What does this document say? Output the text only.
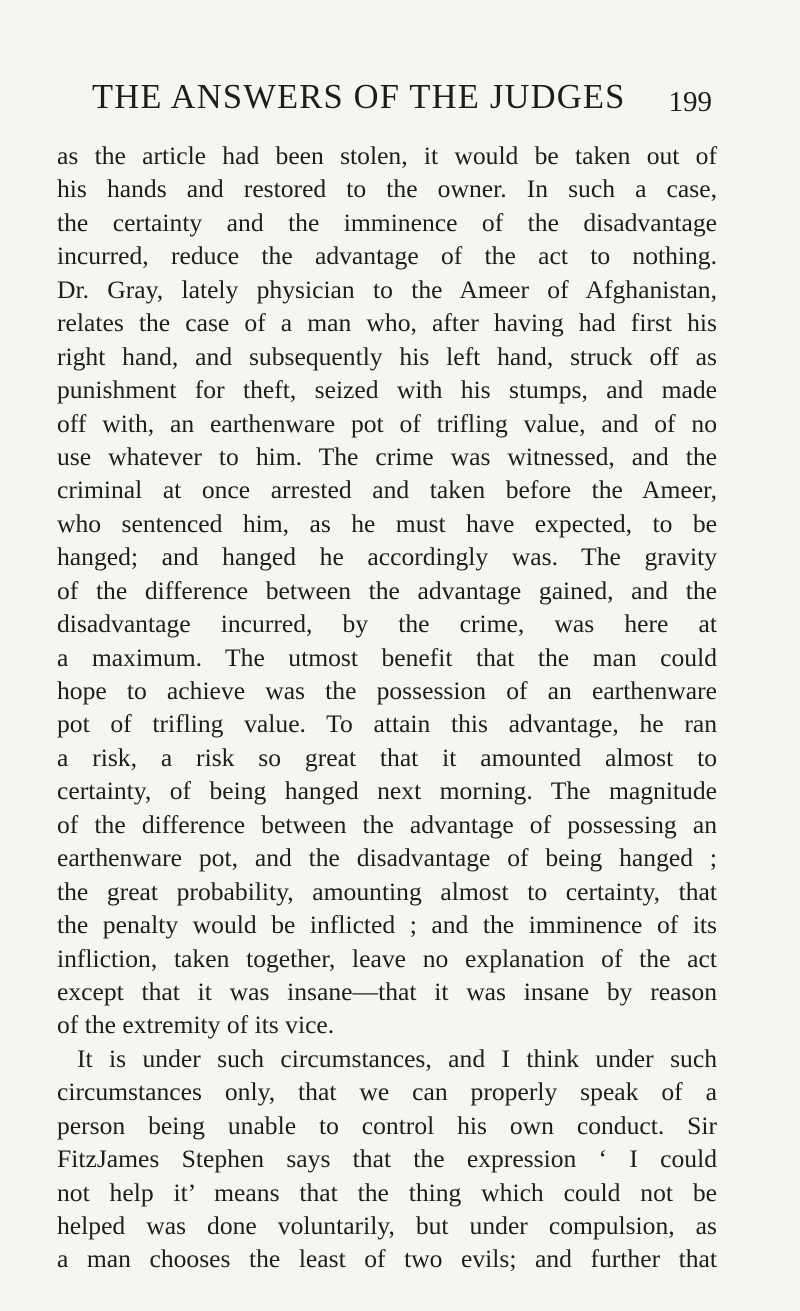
THE ANSWERS OF THE JUDGES 199
as the article had been stolen, it would be taken out of
his hands and restored to the owner. In such a case,
the certainty and the imminence of the disadvantage
incurred, reduce the advantage of the act to nothing.
Dr. Gray, lately physician to the Ameer of Afghanistan,
relates the case of a man who, after having had first his
right hand, and subsequently his left hand, struck off as
punishment for theft, seized with his stumps, and made
off with, an earthenware pot of trifling value, and of no
use whatever to him. The crime was witnessed, and the
criminal at once arrested and taken before the Ameer,
who sentenced him, as he must have expected, to be
hanged; and hanged he accordingly was. The gravity
of the difference between the advantage gained, and the
disadvantage incurred, by the crime, was here at
a maximum. The utmost benefit that the man could
hope to achieve was the possession of an earthenware
pot of trifling value. To attain this advantage, he ran
a risk, a risk so great that it amounted almost to
certainty, of being hanged next morning. The magnitude
of the difference between the advantage of possessing an
earthenware pot, and the disadvantage of being hanged ;
the great probability, amounting almost to certainty, that
the penalty would be inflicted ; and the imminence of its
infliction, taken together, leave no explanation of the act
except that it was insane—that it was insane by reason
of the extremity of its vice.
It is under such circumstances, and I think under such
circumstances only, that we can properly speak of a
person being unable to control his own conduct. Sir
FitzJames Stephen says that the expression ‘ I could
not help it’ means that the thing which could not be
helped was done voluntarily, but under compulsion, as
a man chooses the least of two evils; and further that
